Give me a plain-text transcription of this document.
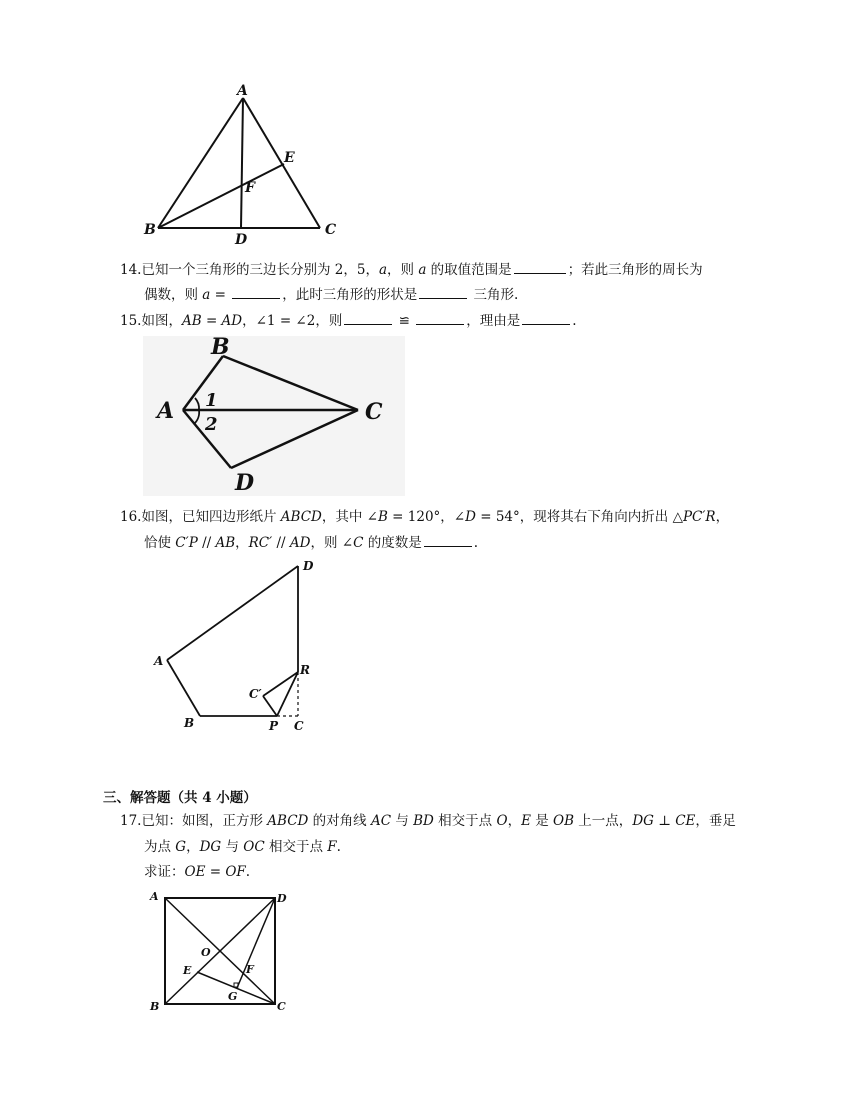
A
B	C
D
E
F
14.已知一个三角形的三边长分别为 2，5，a，则 a 的取值范围是	；若此三角形的周长为
偶数，则 a =	，此时三角形的形状是	三角形.
15.如图，AB = AD，∠1 = ∠2，则	≌	，理由是	.
A
B
C
D
1
2
16.如图，已知四边形纸片 ABCD，其中 ∠B = 120°，∠D = 54°，现将其右下角向内折出 △PC′R，
恰使 C′P // AB，RC′ // AD，则 ∠C 的度数是	.
A
B	C
D
P
R
C′
三、解答题（共 4 小题）
17.已知：如图，正方形 ABCD 的对角线 AC 与 BD 相交于点 O，E 是 OB 上一点，DG ⊥ CE，垂足
为点 G，DG 与 OC 相交于点 F.
求证：OE = OF.
A
B	C
D
O
E	F
G
